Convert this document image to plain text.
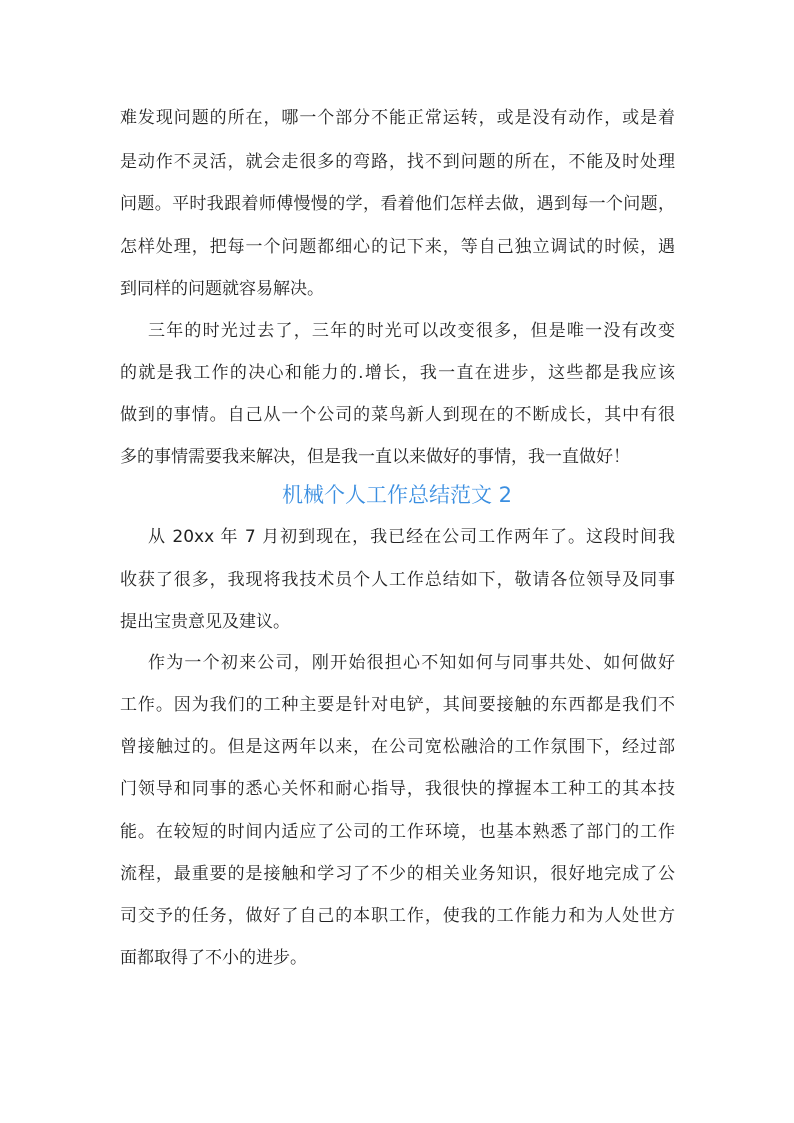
难发现问题的所在，哪一个部分不能正常运转，或是没有动作，或是着
是动作不灵活，就会走很多的弯路，找不到问题的所在，不能及时处理
问题。平时我跟着师傅慢慢的学，看着他们怎样去做，遇到每一个问题，
怎样处理，把每一个问题都细心的记下来，等自己独立调试的时候，遇
到同样的问题就容易解决。
三年的时光过去了，三年的时光可以改变很多，但是唯一没有改变
的就是我工作的决心和能力的.增长，我一直在进步，这些都是我应该
做到的事情。自己从一个公司的菜鸟新人到现在的不断成长，其中有很
多的事情需要我来解决，但是我一直以来做好的事情，我一直做好！
机械个人工作总结范文 2
从 20xx 年 7 月初到现在，我已经在公司工作两年了。这段时间我
收获了很多，我现将我技术员个人工作总结如下，敬请各位领导及同事
提出宝贵意见及建议。
作为一个初来公司，刚开始很担心不知如何与同事共处、如何做好
工作。因为我们的工种主要是针对电铲，其间要接触的东西都是我们不
曾接触过的。但是这两年以来，在公司宽松融洽的工作氛围下，经过部
门领导和同事的悉心关怀和耐心指导，我很快的撑握本工种工的其本技
能。在较短的时间内适应了公司的工作环境，也基本熟悉了部门的工作
流程，最重要的是接触和学习了不少的相关业务知识，很好地完成了公
司交予的任务，做好了自己的本职工作，使我的工作能力和为人处世方
面都取得了不小的进步。
